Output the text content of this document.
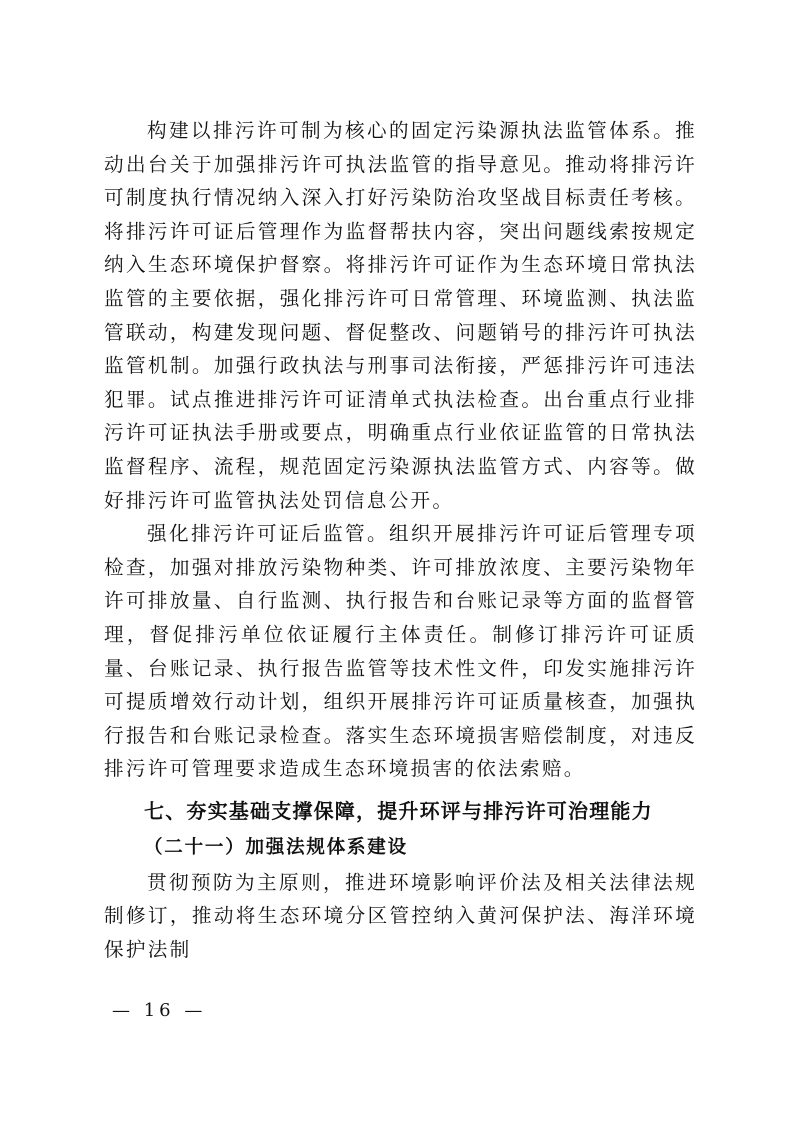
构建以排污许可制为核心的固定污染源执法监管体系。推动出台关于加强排污许可执法监管的指导意见。推动将排污许可制度执行情况纳入深入打好污染防治攻坚战目标责任考核。将排污许可证后管理作为监督帮扶内容，突出问题线索按规定纳入生态环境保护督察。将排污许可证作为生态环境日常执法监管的主要依据，强化排污许可日常管理、环境监测、执法监管联动，构建发现问题、督促整改、问题销号的排污许可执法监管机制。加强行政执法与刑事司法衔接，严惩排污许可违法犯罪。试点推进排污许可证清单式执法检查。出台重点行业排污许可证执法手册或要点，明确重点行业依证监管的日常执法监督程序、流程，规范固定污染源执法监管方式、内容等。做好排污许可监管执法处罚信息公开。

强化排污许可证后监管。组织开展排污许可证后管理专项检查，加强对排放污染物种类、许可排放浓度、主要污染物年许可排放量、自行监测、执行报告和台账记录等方面的监督管理，督促排污单位依证履行主体责任。制修订排污许可证质量、台账记录、执行报告监管等技术性文件，印发实施排污许可提质增效行动计划，组织开展排污许可证质量核查，加强执行报告和台账记录检查。落实生态环境损害赔偿制度，对违反排污许可管理要求造成生态环境损害的依法索赔。

七、夯实基础支撑保障，提升环评与排污许可治理能力

（二十一）加强法规体系建设

贯彻预防为主原则，推进环境影响评价法及相关法律法规制修订，推动将生态环境分区管控纳入黄河保护法、海洋环境保护法制

— 16 —
